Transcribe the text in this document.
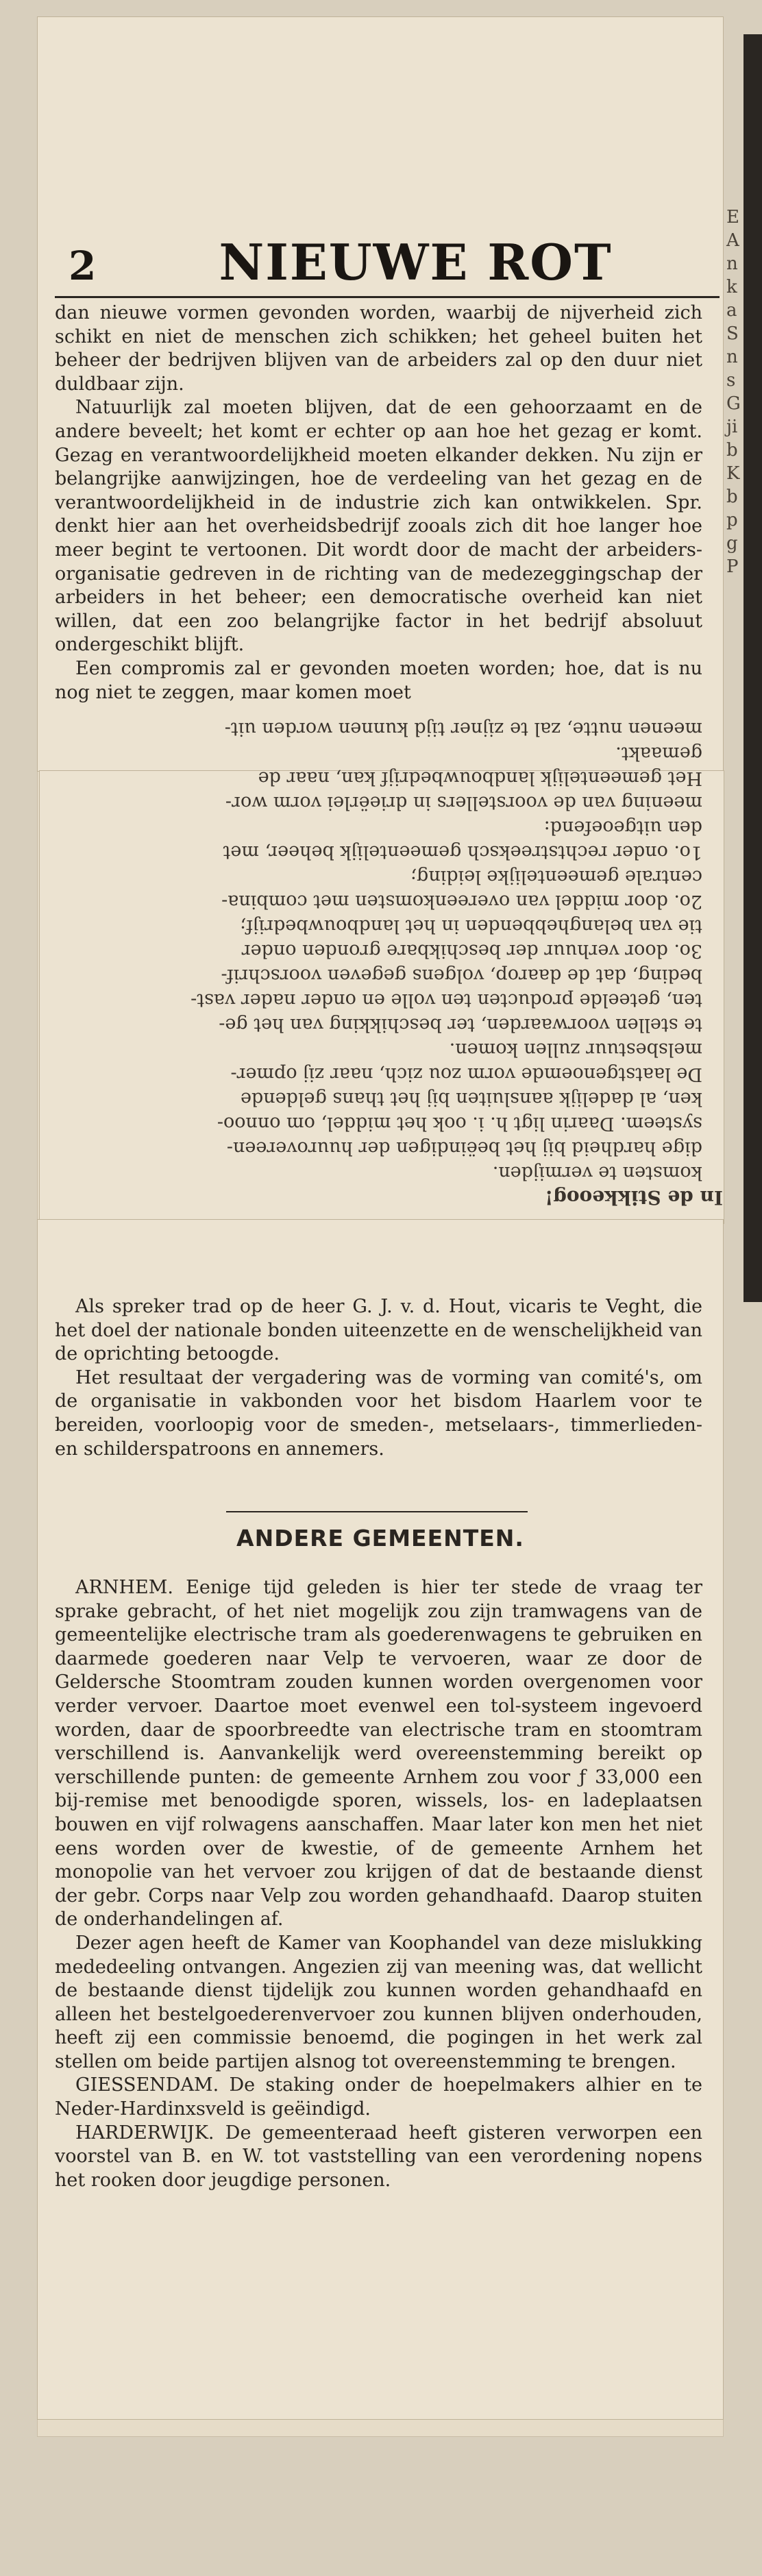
2 NIEUWE ROT

dan nieuwe vormen gevonden worden, waarbij de nijverheid zich schikt en niet de menschen zich schikken; het geheel buiten het beheer der bedrijven blijven van de arbeiders zal op den duur niet duldbaar zijn.

Natuurlijk zal moeten blijven, dat de een gehoorzaamt en de andere beveelt; het komt er echter op aan hoe het gezag er komt. Gezag en verantwoordelijkheid moeten elkander dekken. Nu zijn er belangrijke aanwijzingen, hoe de verdeeling van het gezag en de verantwoordelijkheid in de industrie zich kan ontwikkelen. Spr. denkt hier aan het overheidsbedrijf zooals zich dit hoe langer hoe meer begint te vertoonen. Dit wordt door de macht der arbeiders-organisatie gedreven in de richting van de medezeggingschap der arbeiders in het beheer; een democratische overheid kan niet willen, dat een zoo belangrijke factor in het bedrijf absoluut ondergeschikt blijft.

Een compromis zal er gevonden moeten worden; hoe, dat is nu nog niet te zeggen, maar komen moet

In de Stikkeoog!

komsten te vermijden.

dige hardheid bij het beëindigen der huurovereen-

systeem. Daarin ligt h. i. ook het middel, om onnoo-

ken, al dadelijk aansluiten bij het thans geldende

De laatstgenoemde vorm zou zich, naar zij opmer-

melsbestuur zullen komen.

te stellen voorwaarden, ter beschikking van het ge-

ten, geteelde producten ten volle en onder nader vast-

beding, dat de daarop, volgens gegeven voorschrif-

3o. door verhuur der beschikbare gronden onder

tie van belanghebbenden in het landbouwbedrijf;

2o. door middel van overeenkomsten met combina-

centrale gemeentelijke leiding;

1o. onder rechtstreeksch gemeentelijk beheer, met

den uitgeoefend:

meening van de voorstellers in drieërlei vorm wor-

Het gemeentelijk landbouwbedrijf kan, naar de

gemaakt.

meenen nutte, zal te zijner tijd kunnen worden uit-

Als spreker trad op de heer G. J. v. d. Hout, vicaris te Veght, die het doel der nationale bonden uiteenzette en de wenschelijkheid van de oprichting betoogde.

Het resultaat der vergadering was de vorming van comité's, om de organisatie in vakbonden voor het bisdom Haarlem voor te bereiden, voorloopig voor de smeden-, metselaars-, timmerlieden- en schilderspatroons en annemers.

ANDERE GEMEENTEN.

ARNHEM. Eenige tijd geleden is hier ter stede de vraag ter sprake gebracht, of het niet mogelijk zou zijn tramwagens van de gemeentelijke electrische tram als goederenwagens te gebruiken en daarmede goederen naar Velp te vervoeren, waar ze door de Geldersche Stoomtram zouden kunnen worden overgenomen voor verder vervoer. Daartoe moet evenwel een tol-systeem ingevoerd worden, daar de spoorbreedte van electrische tram en stoomtram verschillend is. Aanvankelijk werd overeenstemming bereikt op verschillende punten: de gemeente Arnhem zou voor ƒ 33,000 een bij-remise met benoodigde sporen, wissels, los- en ladeplaatsen bouwen en vijf rolwagens aanschaffen. Maar later kon men het niet eens worden over de kwestie, of de gemeente Arnhem het monopolie van het vervoer zou krijgen of dat de bestaande dienst der gebr. Corps naar Velp zou worden gehandhaafd. Daarop stuiten de onderhandelingen af.

Dezer agen heeft de Kamer van Koophandel van deze mislukking mededeeling ontvangen. Angezien zij van meening was, dat wellicht de bestaande dienst tijdelijk zou kunnen worden gehandhaafd en alleen het bestelgoederenvervoer zou kunnen blijven onderhouden, heeft zij een commissie benoemd, die pogingen in het werk zal stellen om beide partijen alsnog tot overeenstemming te brengen.

GIESSENDAM. De staking onder de hoepelmakers alhier en te Neder-Hardinxsveld is geëindigd.

HARDERWIJK. De gemeenteraad heeft gisteren verworpen een voorstel van B. en W. tot vaststelling van een verordening nopens het rooken door jeugdige personen.

E
A
n
k
a
S
n
s
G
ji
b
K
b
p
g
P
